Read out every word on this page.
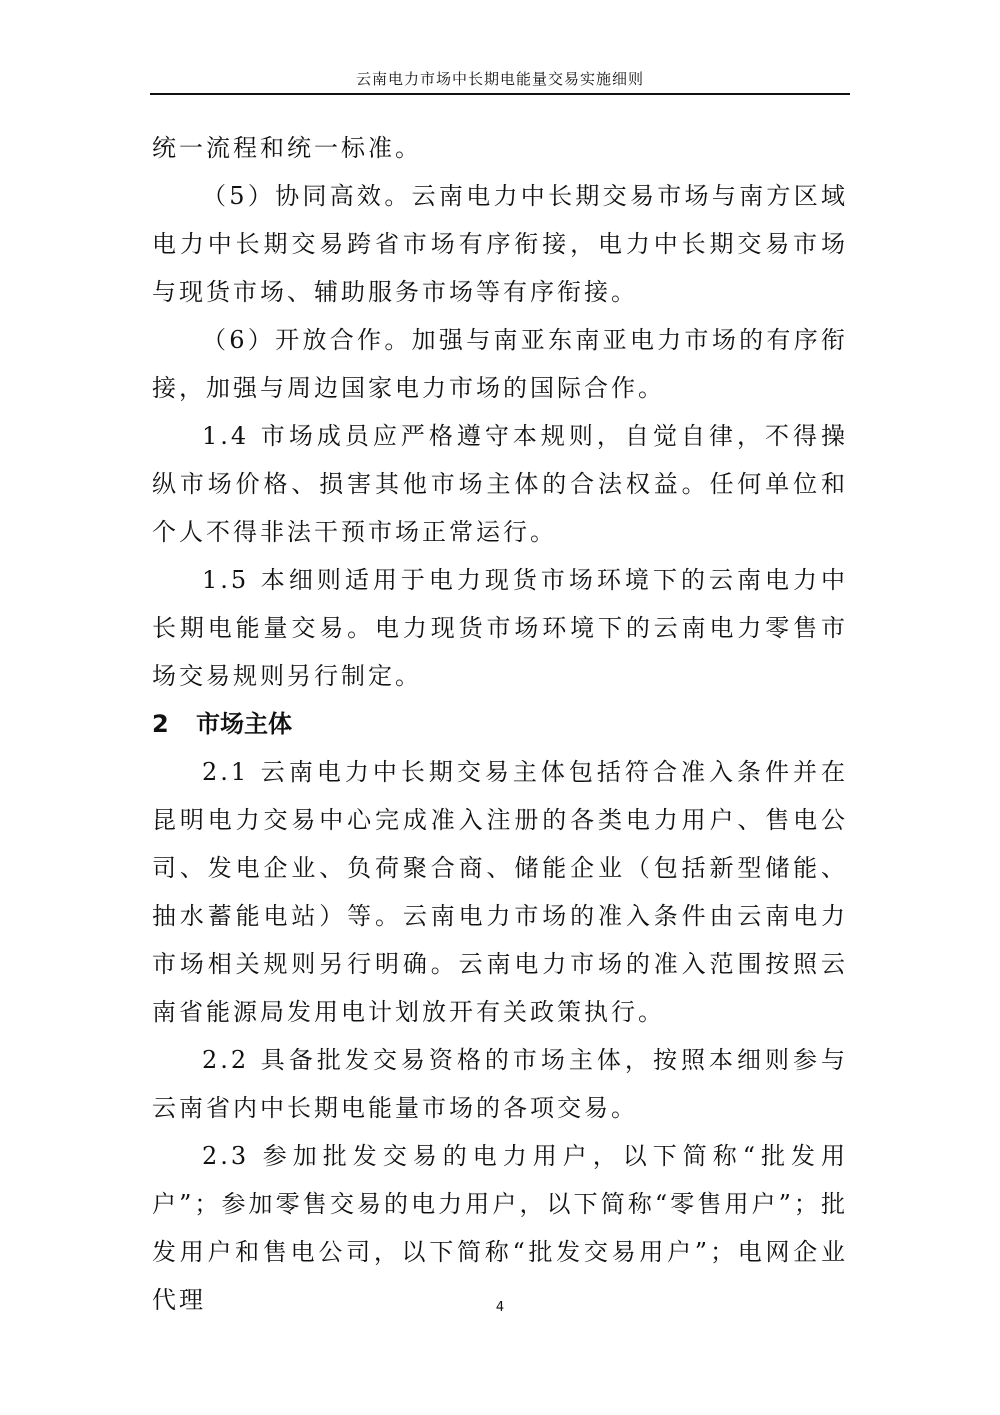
云南电力市场中长期电能量交易实施细则

统一流程和统一标准。

（5）协同高效。云南电力中长期交易市场与南方区域电力中长期交易跨省市场有序衔接，电力中长期交易市场与现货市场、辅助服务市场等有序衔接。

（6）开放合作。加强与南亚东南亚电力市场的有序衔接，加强与周边国家电力市场的国际合作。

1.4 市场成员应严格遵守本规则，自觉自律，不得操纵市场价格、损害其他市场主体的合法权益。任何单位和个人不得非法干预市场正常运行。

1.5 本细则适用于电力现货市场环境下的云南电力中长期电能量交易。电力现货市场环境下的云南电力零售市场交易规则另行制定。

2 市场主体

2.1 云南电力中长期交易主体包括符合准入条件并在昆明电力交易中心完成准入注册的各类电力用户、售电公司、发电企业、负荷聚合商、储能企业（包括新型储能、抽水蓄能电站）等。云南电力市场的准入条件由云南电力市场相关规则另行明确。云南电力市场的准入范围按照云南省能源局发用电计划放开有关政策执行。

2.2 具备批发交易资格的市场主体，按照本细则参与云南省内中长期电能量市场的各项交易。

2.3 参加批发交易的电力用户，以下简称“批发用户”；参加零售交易的电力用户，以下简称“零售用户”；批发用户和售电公司，以下简称“批发交易用户”；电网企业代理	4
